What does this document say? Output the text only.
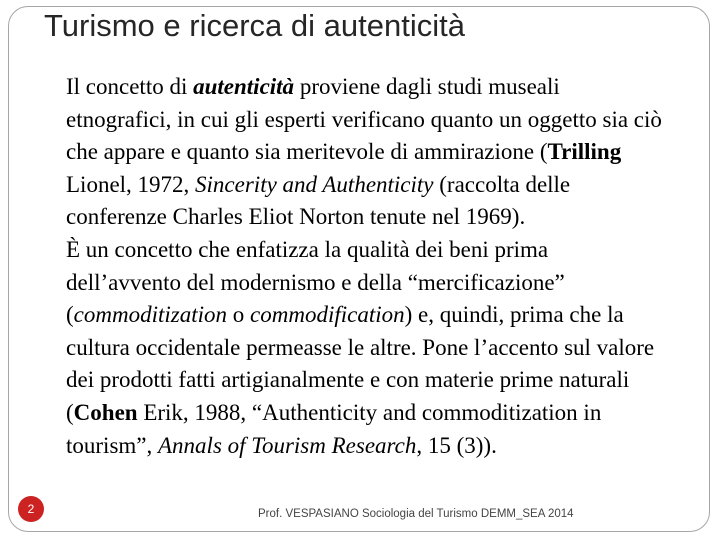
Turismo e ricerca di autenticità

Il concetto di autenticità proviene dagli studi museali etnografici, in cui gli esperti verificano quanto un oggetto sia ciò che appare e quanto sia meritevole di ammirazione (Trilling Lionel, 1972, Sincerity and Authenticity (raccolta delle conferenze Charles Eliot Norton tenute nel 1969).

È un concetto che enfatizza la qualità dei beni prima dell’avvento del modernismo e della “mercificazione” (commoditization o commodification) e, quindi, prima che la cultura occidentale permeasse le altre. Pone l’accento sul valore dei prodotti fatti artigianalmente e con materie prime naturali (Cohen Erik, 1988, “Authenticity and commoditization in tourism”, Annals of Tourism Research, 15 (3)).

2	Prof. VESPASIANO Sociologia del Turismo DEMM_SEA 2014
